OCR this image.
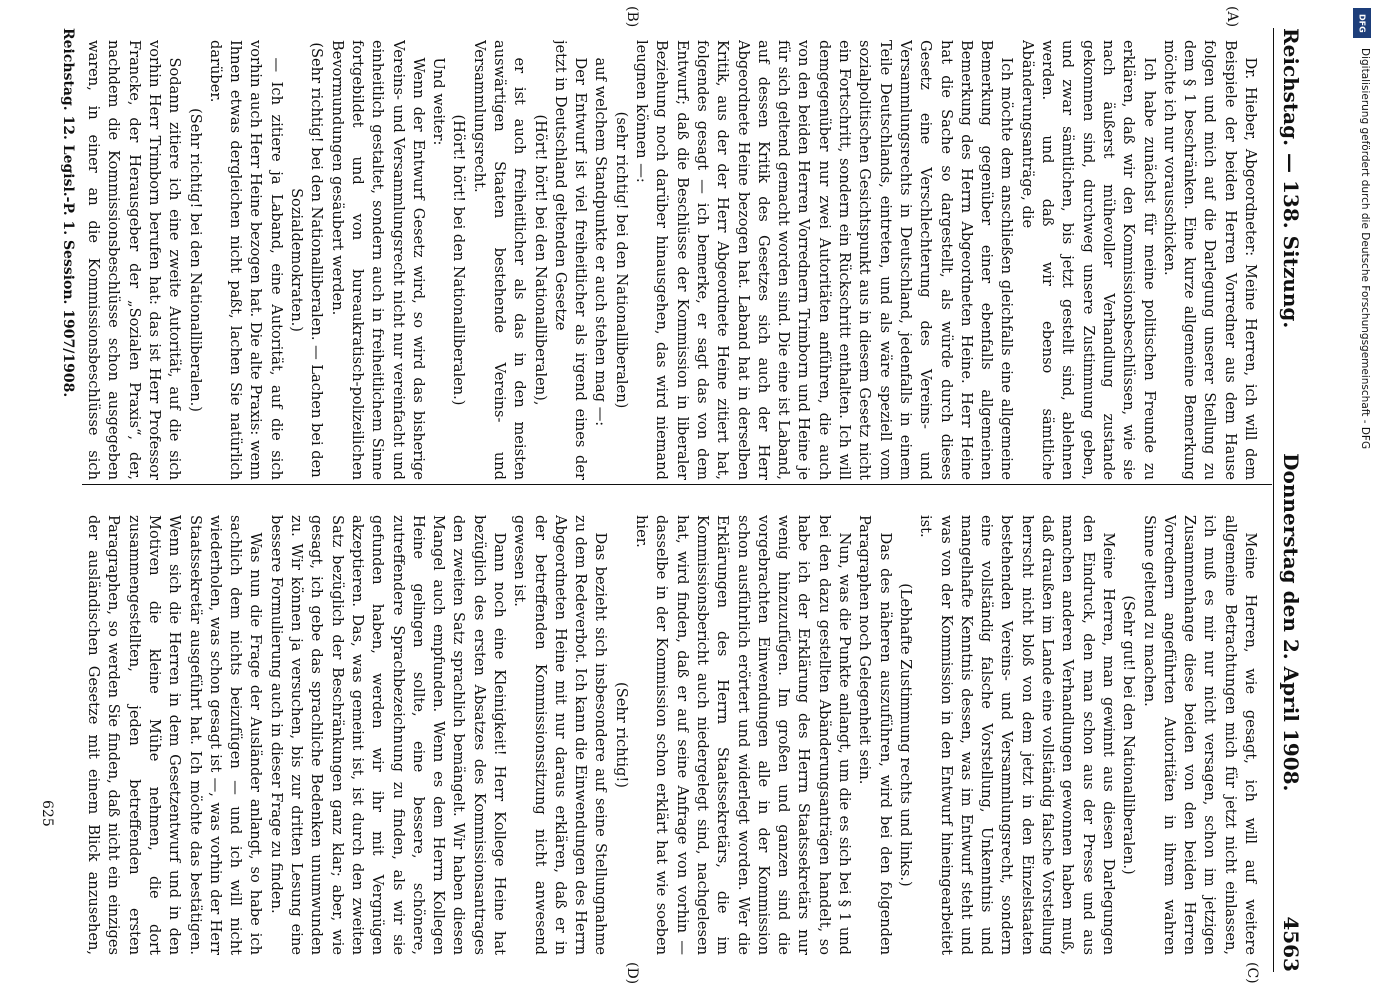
Reichstag. — 138. Sitzung.
Donnerstag den 2. April 1908.
4563
(A)
(B)
(C)
(D)

Dr. Hieber, Abgeordneter: Meine Herren, ich will dem Beispiele der beiden Herren Vorredner aus dem Hause folgen und mich auf die Darlegung unserer Stellung zu dem § 1 beschränken. Eine kurze allgemeine Bemerkung möchte ich nur vorausschicken.

Ich habe zunächst für meine politischen Freunde zu erklären, daß wir den Kommissionsbeschlüssen, wie sie nach äußerst mühevoller Verhandlung zustande gekommen sind, durchweg unsere Zustimmung geben, und zwar sämtlichen, bis jetzt gestellt sind, ablehnen werden. und daß wir ebenso sämtliche Abänderungsanträge, die

Ich möchte dem anschließen gleichfalls eine allgemeine Bemerkung gegenüber einer ebenfalls allgemeinen Bemerkung des Herrn Abgeordneten Heine. Herr Heine hat die Sache so dargestellt, als würde durch dieses Gesetz eine Verschlechterung des Vereins- und Versammlungsrechts in Deutschland, jedenfalls in einem Teile Deutschlands, eintreten, und als wäre speziell vom sozialpolitischen Gesichtspunkt aus in diesem Gesetz nicht ein Fortschritt, sondern ein Rückschritt enthalten. Ich will demgegenüber nur zwei Autoritäten anführen, die auch von den beiden Herren Vorrednern Trimborn und Heine je für sich geltend gemacht worden sind. Die eine ist Laband, auf dessen Kritik des Gesetzes sich auch der Herr Abgeordnete Heine bezogen hat. Laband hat in derselben Kritik, aus der der Herr Abgeordnete Heine zitiert hat, folgendes gesagt — ich bemerke, er sagt das von dem Entwurf; daß die Beschlüsse der Kommission in liberaler Beziehung noch darüber hinausgehen, das wird niemand leugnen können —:

(sehr richtig! bei den Nationalliberalen)

auf welchem Standpunkte er auch stehen mag —:

Der Entwurf ist viel freiheitlicher als irgend eines der jetzt in Deutschland geltenden Gesetze

(Hört! hört! bei den Nationalliberalen),

er ist auch freiheitlicher als das in den meisten auswärtigen Staaten bestehende Vereins- und Versammlungsrecht.

(Hört! hört! bei den Nationalliberalen.)

Und weiter:

Wenn der Entwurf Gesetz wird, so wird das bisherige Vereins- und Versammlungsrecht nicht nur vereinfacht und einheitlich gestaltet, sondern auch in freiheitlichem Sinne fortgebildet und von bureaukratisch-polizeilichen Bevormundungen gesäubert werden.

(Sehr richtig! bei den Nationalliberalen. — Lachen bei den Sozialdemokraten.)

— Ich zitiere ja Laband, eine Autorität, auf die sich vorhin auch Herr Heine bezogen hat. Die alte Praxis: wenn Ihnen etwas dergleichen nicht paßt, lachen Sie natürlich darüber.

(Sehr richtig! bei den Nationalliberalen.)

Sodann zitiere ich eine zweite Autorität, auf die sich vorhin Herr Trimborn berufen hat: das ist Herr Professor Francke, der Herausgeber der „Sozialen Praxis“, der, nachdem die Kommissionsbeschlüsse schon ausgegeben waren, in einer an die Kommissionsbeschlüsse sich

Meine Herren, wie gesagt, ich will auf weitere allgemeine Betrachtungen mich für jetzt nicht einlassen, ich muß es mir nur nicht versagen, schon im jetzigen Zusammenhange diese beiden von den beiden Herren Vorrednern angeführten Autoritäten in ihrem wahren Sinne geltend zu machen.

(Sehr gut! bei den Nationalliberalen.)

Meine Herren, man gewinnt aus diesen Darlegungen den Eindruck, den man schon aus der Presse und aus manchen anderen Verhandlungen gewonnen haben muß, daß draußen im Lande eine vollständig falsche Vorstellung herrscht nicht bloß von dem jetzt in den Einzelstaaten bestehenden Vereins- und Versammlungsrecht, sondern eine vollständig falsche Vorstellung, Unkenntnis und mangelhafte Kenntnis dessen, was im Entwurf steht und was von der Kommission in den Entwurf hineingearbeitet ist.

(Lebhafte Zustimmung rechts und links.)

Das des näheren auszuführen, wird bei den folgenden Paragraphen noch Gelegenheit sein.

Nun, was die Punkte anlangt, um die es sich bei § 1 und bei den dazu gestellten Abänderungsanträgen handelt, so habe ich der Erklärung des Herrn Staatssekretärs nur wenig hinzuzufügen. Im großen und ganzen sind die vorgebrachten Einwendungen alle in der Kommission schon ausführlich erörtert und widerlegt worden. Wer die Erklärungen des Herrn Staatssekretärs, die im Kommissionsbericht auch niedergelegt sind, nachgelesen hat, wird finden, daß er auf seine Anfrage von vorhin — dasselbe in der Kommission schon erklärt hat wie soeben hier.

(Sehr richtig!)

Das bezieht sich insbesondere auf seine Stellungnahme zu dem Redeverbot. Ich kann die Einwendungen des Herrn Abgeordneten Heine mit nur daraus erklären, daß er in der betreffenden Kommissionssitzung nicht anwesend gewesen ist.

Dann noch eine Kleinigkeit! Herr Kollege Heine hat bezüglich des ersten Absatzes des Kommissionsantrages den zweiten Satz sprachlich bemängelt. Wir haben diesen Mangel auch empfunden. Wenn es dem Herrn Kollegen Heine gelingen sollte, eine bessere, schönere, zutreffendere Sprachbezeichnung zu finden, als wir sie gefunden haben, werden wir ihr mit Vergnügen akzeptieren. Das, was gemeint ist, ist durch den zweiten Satz bezüglich der Beschränkungen ganz klar; aber, wie gesagt, ich gebe das sprachliche Bedenken unumwunden zu. Wir können ja versuchen, bis zur dritten Lesung eine bessere Formulierung auch in dieser Frage zu finden.

Was nun die Frage der Ausländer anlangt, so habe ich sachlich dem nichts beizufügen — und ich will nicht wiederholen, was schon gesagt ist —, was vorhin der Herr Staatssekretär ausgeführt hat. Ich möchte das bestätigen. Wenn sich die Herren in dem Gesetzentwurf und in den Motiven die kleine Mühe nehmen, die dort zusammengestellten, jeden betreffenden ersten Paragraphen, so werden Sie finden, daß nicht ein einziges der ausländischen Gesetze mit einem Blick anzusehen,

Reichstag. 12. Legisl.-P. 1. Session. 1907/1908.
625
DFG
Digitalisierung gefördert durch die Deutsche Forschungsgemeinschaft - DFG
